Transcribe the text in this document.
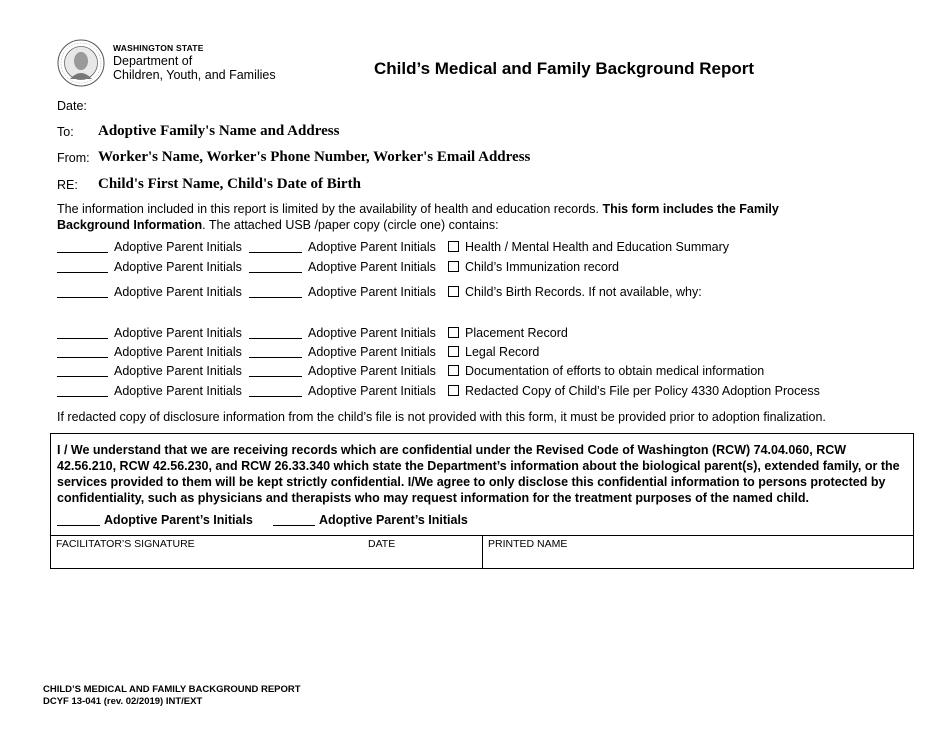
WASHINGTON STATE
Department of
Children, Youth, and Families	Child’s Medical and Family Background Report
Date:
To: Adoptive Family's Name and Address
From: Worker's Name, Worker's Phone Number, Worker's Email Address
RE: Child's First Name, Child's Date of Birth
The information included in this report is limited by the availability of health and education records. This form includes the Family Background Information. The attached USB /paper copy (circle one) contains:
Adoptive Parent Initials	Adoptive Parent Initials Health / Mental Health and Education Summary
Adoptive Parent Initials	Adoptive Parent Initials Child’s Immunization record
Adoptive Parent Initials	Adoptive Parent Initials Child’s Birth Records. If not available, why:
Adoptive Parent Initials	Adoptive Parent Initials Placement Record
Adoptive Parent Initials	Adoptive Parent Initials Legal Record
Adoptive Parent Initials	Adoptive Parent Initials Documentation of efforts to obtain medical information
Adoptive Parent Initials	Adoptive Parent Initials Redacted Copy of Child’s File per Policy 4330 Adoption Process
If redacted copy of disclosure information from the child’s file is not provided with this form, it must be provided prior to adoption finalization.
I / We understand that we are receiving records which are confidential under the Revised Code of Washington (RCW) 74.04.060, RCW 42.56.210, RCW 42.56.230, and RCW 26.33.340 which state the Department’s information about the biological parent(s), extended family, or the services provided to them will be kept strictly confidential. I/We agree to only disclose this confidential information to persons protected by confidentiality, such as physicians and therapists who may request information for the treatment purposes of the named child.
Adoptive Parent’s Initials	Adoptive Parent’s Initials
FACILITATOR’S SIGNATURE	DATE	PRINTED NAME
CHILD’S MEDICAL AND FAMILY BACKGROUND REPORT
DCYF 13-041 (rev. 02/2019) INT/EXT
